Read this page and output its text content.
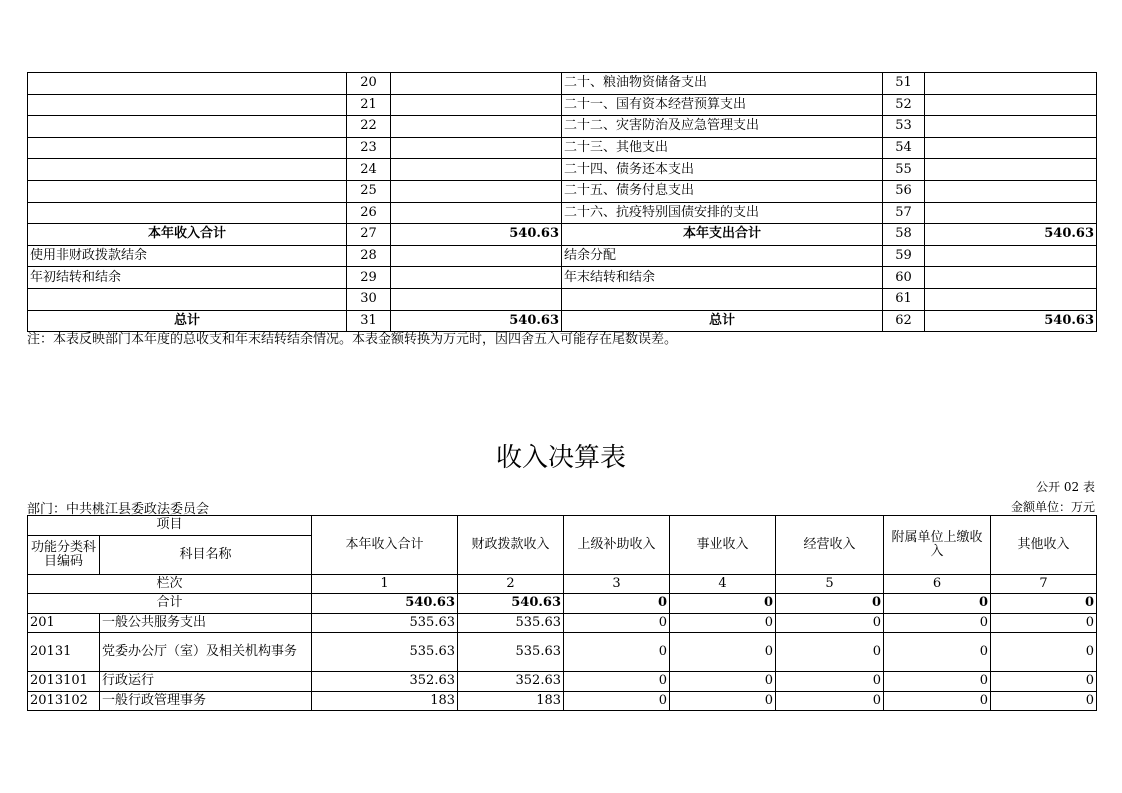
	20		二十、粮油物资储备支出	51	
	21		二十一、国有资本经营预算支出	52	
	22		二十二、灾害防治及应急管理支出	53	
	23		二十三、其他支出	54	
	24		二十四、债务还本支出	55	
	25		二十五、债务付息支出	56	
	26		二十六、抗疫特别国债安排的支出	57	
本年收入合计	27	540.63	本年支出合计	58	540.63
使用非财政拨款结余	28		结余分配	59	
年初结转和结余	29		年末结转和结余	60	
	30			61	
总计	31	540.63	总计	62	540.63
注：本表反映部门本年度的总收支和年末结转结余情况。本表金额转换为万元时，因四舍五入可能存在尾数误差。
收入决算表
公开 02 表
部门：中共桃江县委政法委员会	金额单位：万元
项目		本年收入合计	财政拨款收入	上级补助收入	事业收入	经营收入	附属单位上缴收入	其他收入
功能分类科目编码	科目名称							
栏次		1	2	3	4	5	6	7
合计		540.63	540.63	0	0	0	0	0
201	一般公共服务支出	535.63	535.63	0	0	0	0	0
20131	党委办公厅（室）及相关机构事务	535.63	535.63	0	0	0	0	0
2013101	行政运行	352.63	352.63	0	0	0	0	0
2013102	一般行政管理事务	183	183	0	0	0	0	0
